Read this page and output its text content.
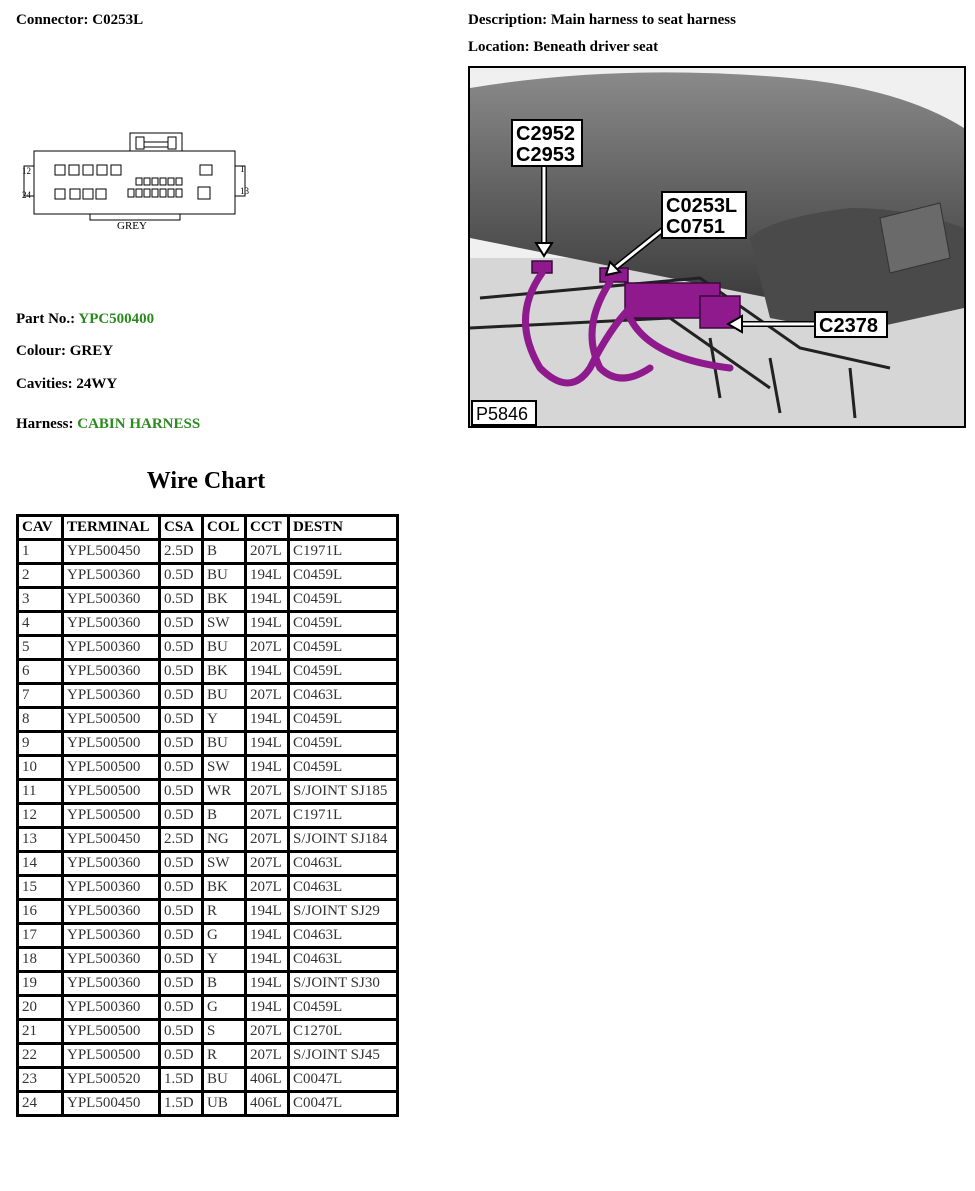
Connector: C0253L	Description: Main harness to seat harness
Location: Beneath driver seat
12	1
24	13
GREY
C2952
C2953
C0253L
C0751
C2378
P5846
Part No.: YPC500400
Colour: GREY
Cavities: 24WY
Harness: CABIN HARNESS
Wire Chart
CAV	TERMINAL	CSA	COL	CCT	DESTN
1	YPL500450	2.5D	B	207L	C1971L
2	YPL500360	0.5D	BU	194L	C0459L
3	YPL500360	0.5D	BK	194L	C0459L
4	YPL500360	0.5D	SW	194L	C0459L
5	YPL500360	0.5D	BU	207L	C0459L
6	YPL500360	0.5D	BK	194L	C0459L
7	YPL500360	0.5D	BU	207L	C0463L
8	YPL500500	0.5D	Y	194L	C0459L
9	YPL500500	0.5D	BU	194L	C0459L
10	YPL500500	0.5D	SW	194L	C0459L
11	YPL500500	0.5D	WR	207L	S/JOINT SJ185
12	YPL500500	0.5D	B	207L	C1971L
13	YPL500450	2.5D	NG	207L	S/JOINT SJ184
14	YPL500360	0.5D	SW	207L	C0463L
15	YPL500360	0.5D	BK	207L	C0463L
16	YPL500360	0.5D	R	194L	S/JOINT SJ29
17	YPL500360	0.5D	G	194L	C0463L
18	YPL500360	0.5D	Y	194L	C0463L
19	YPL500360	0.5D	B	194L	S/JOINT SJ30
20	YPL500360	0.5D	G	194L	C0459L
21	YPL500500	0.5D	S	207L	C1270L
22	YPL500500	0.5D	R	207L	S/JOINT SJ45
23	YPL500520	1.5D	BU	406L	C0047L
24	YPL500450	1.5D	UB	406L	C0047L
